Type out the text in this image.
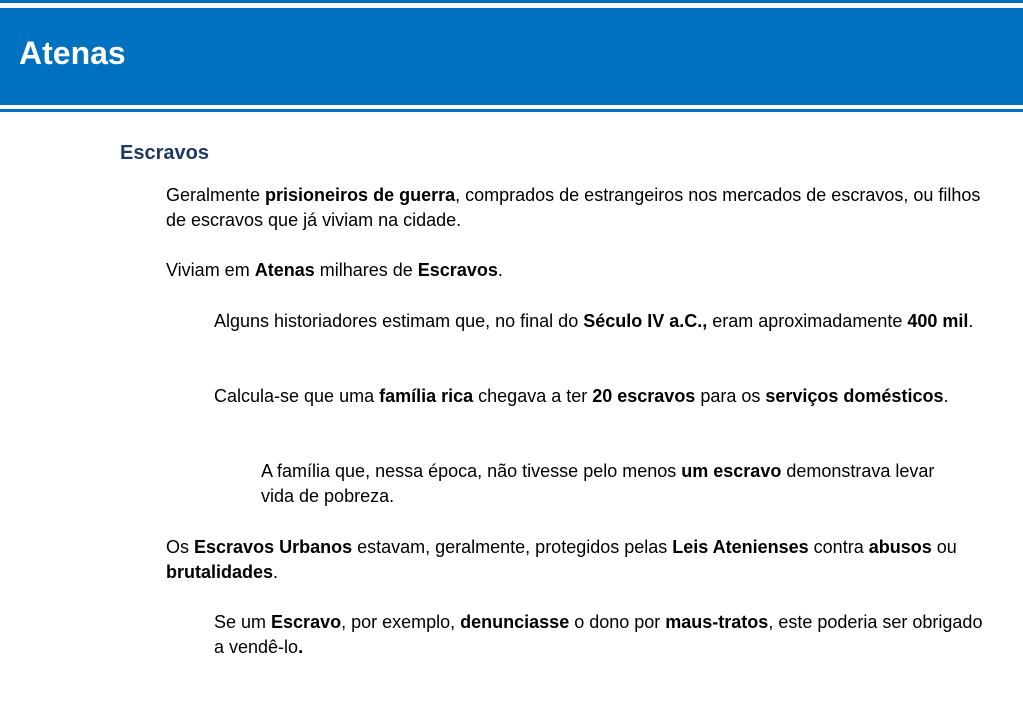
Atenas
Escravos

Geralmente prisioneiros de guerra, comprados de estrangeiros nos mercados de escravos, ou filhos de escravos que já viviam na cidade.

Viviam em Atenas milhares de Escravos.

Alguns historiadores estimam que, no final do Século IV a.C., eram aproximadamente 400 mil.

Calcula-se que uma família rica chegava a ter 20 escravos para os serviços domésticos.

A família que, nessa época, não tivesse pelo menos um escravo demonstrava levar vida de pobreza.

Os Escravos Urbanos estavam, geralmente, protegidos pelas Leis Atenienses contra abusos ou brutalidades.

Se um Escravo, por exemplo, denunciasse o dono por maus-tratos, este poderia ser obrigado a vendê-lo.
